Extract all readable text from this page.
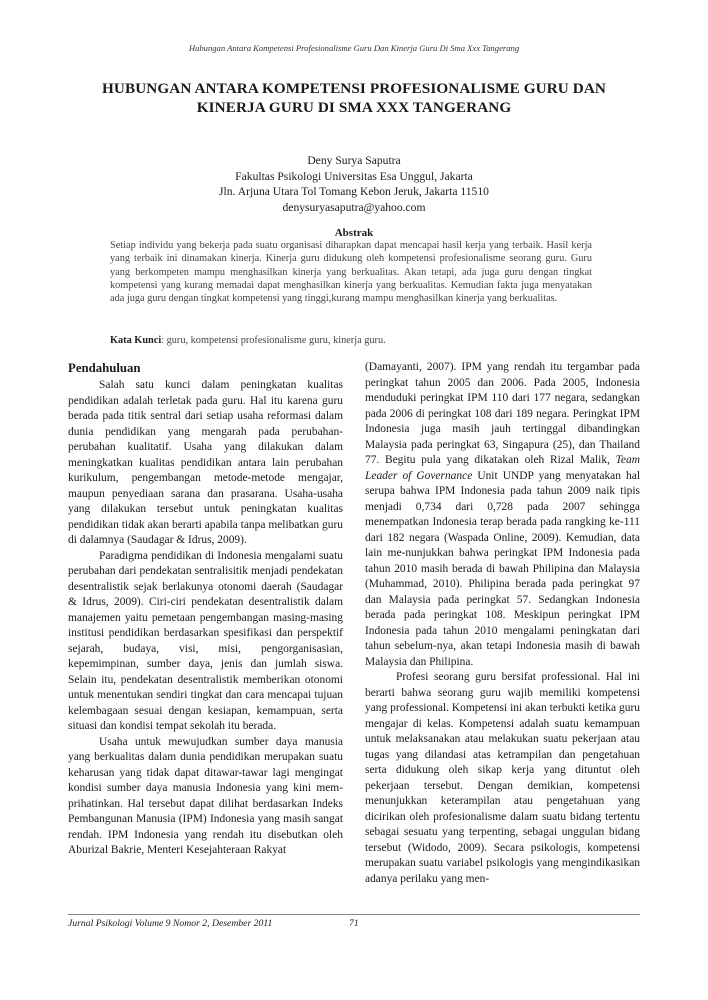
Hubungan Antara Kompetensi Profesionalisme Guru Dan Kinerja Guru Di Sma Xxx Tangerang
HUBUNGAN ANTARA KOMPETENSI PROFESIONALISME GURU DAN
KINERJA GURU DI SMA XXX TANGERANG
Deny Surya Saputra
Fakultas Psikologi Universitas Esa Unggul, Jakarta
Jln. Arjuna Utara Tol Tomang Kebon Jeruk, Jakarta 11510
denysuryasaputra@yahoo.com
Abstrak
Setiap individu yang bekerja pada suatu organisasi diharapkan dapat mencapai hasil kerja yang terbaik. Hasil kerja yang terbaik ini dinamakan kinerja. Kinerja guru didukung oleh kompetensi profesionalisme seorang guru. Guru yang berkompeten mampu menghasilkan kinerja yang berkualitas. Akan tetapi, ada juga guru dengan tingkat kompetensi yang kurang memadai dapat menghasilkan kinerja yang berkualitas. Kemudian fakta juga menyatakan ada juga guru dengan tingkat kompetensi yang tinggi,kurang mampu menghasilkan kinerja yang berkualitas.
Kata Kunci: guru, kompetensi profesionalisme guru, kinerja guru.
Pendahuluan

Salah satu kunci dalam peningkatan kualitas pendidikan adalah terletak pada guru. Hal itu karena guru berada pada titik sentral dari setiap usaha reformasi dalam dunia pendidikan yang mengarah pada perubahan-perubahan kualitatif. Usaha yang dilakukan dalam meningkatkan kualitas pendidikan antara lain perubahan kurikulum, pengembangan metode-metode mengajar, maupun penyediaan sarana dan prasarana. Usaha-usaha yang dilakukan tersebut untuk peningkatan kualitas pendidikan tidak akan berarti apabila tanpa melibatkan guru di dalamnya (Saudagar & Idrus, 2009).

Paradigma pendidikan di Indonesia mengalami suatu perubahan dari pendekatan sentralisitik menjadi pendekatan desentralistik sejak berlakunya otonomi daerah (Saudagar & Idrus, 2009). Ciri-ciri pendekatan desentralistik dalam manajemen yaitu pemetaan pengembangan masing-masing institusi pendidikan berdasarkan spesifikasi dan perspektif sejarah, budaya, visi, misi, pengorganisasian, kepemimpinan, sumber daya, jenis dan jumlah siswa. Selain itu, pendekatan desentralistik memberikan otonomi untuk menentukan sendiri tingkat dan cara mencapai tujuan kelembagaan sesuai dengan kesiapan, kemampuan, serta situasi dan kondisi tempat sekolah itu berada.

Usaha untuk mewujudkan sumber daya manusia yang berkualitas dalam dunia pendidikan merupakan suatu keharusan yang tidak dapat ditawar-tawar lagi mengingat kondisi sumber daya manusia Indonesia yang kini mem-prihatinkan. Hal tersebut dapat dilihat berdasarkan Indeks Pembangunan Manusia (IPM) Indonesia yang masih sangat rendah. IPM Indonesia yang rendah itu disebutkan oleh Aburizal Bakrie, Menteri Kesejahteraan Rakyat

(Damayanti, 2007). IPM yang rendah itu tergambar pada peringkat tahun 2005 dan 2006. Pada 2005, Indonesia menduduki peringkat IPM 110 dari 177 negara, sedangkan pada 2006 di peringkat 108 dari 189 negara. Peringkat IPM Indonesia juga masih jauh tertinggal dibandingkan Malaysia pada peringkat 63, Singapura (25), dan Thailand 77. Begitu pula yang dikatakan oleh Rizal Malik, Team Leader of Governance Unit UNDP yang menyatakan hal serupa bahwa IPM Indonesia pada tahun 2009 naik tipis menjadi 0,734 dari 0,728 pada 2007 sehingga menempatkan Indonesia terap berada pada rangking ke-111 dari 182 negara (Waspada Online, 2009). Kemudian, data lain me-nunjukkan bahwa peringkat IPM Indonesia pada tahun 2010 masih berada di bawah Philipina dan Malaysia (Muhammad, 2010). Philipina berada pada peringkat 97 dan Malaysia pada peringkat 57. Sedangkan Indonesia berada pada peringkat 108. Meskipun peringkat IPM Indonesia pada tahun 2010 mengalami peningkatan dari tahun sebelum-nya, akan tetapi Indonesia masih di bawah Malaysia dan Philipina.

Profesi seorang guru bersifat professional. Hal ini berarti bahwa seorang guru wajib memiliki kompetensi yang professional. Kompetensi ini akan terbukti ketika guru mengajar di kelas. Kompetensi adalah suatu kemampuan untuk melaksanakan atau melakukan suatu pekerjaan atau tugas yang dilandasi atas ketrampilan dan pengetahuan serta didukung oleh sikap kerja yang dituntut oleh pekerjaan tersebut. Dengan demikian, kompetensi menunjukkan keterampilan atau pengetahuan yang dicirikan oleh profesionalisme dalam suatu bidang tertentu sebagai sesuatu yang terpenting, sebagai unggulan bidang tersebut (Widodo, 2009). Secara psikologis, kompetensi merupakan suatu variabel psikologis yang mengindikasikan adanya perilaku yang men-

Jurnal Psikologi Volume 9 Nomor 2, Desember 2011	71
